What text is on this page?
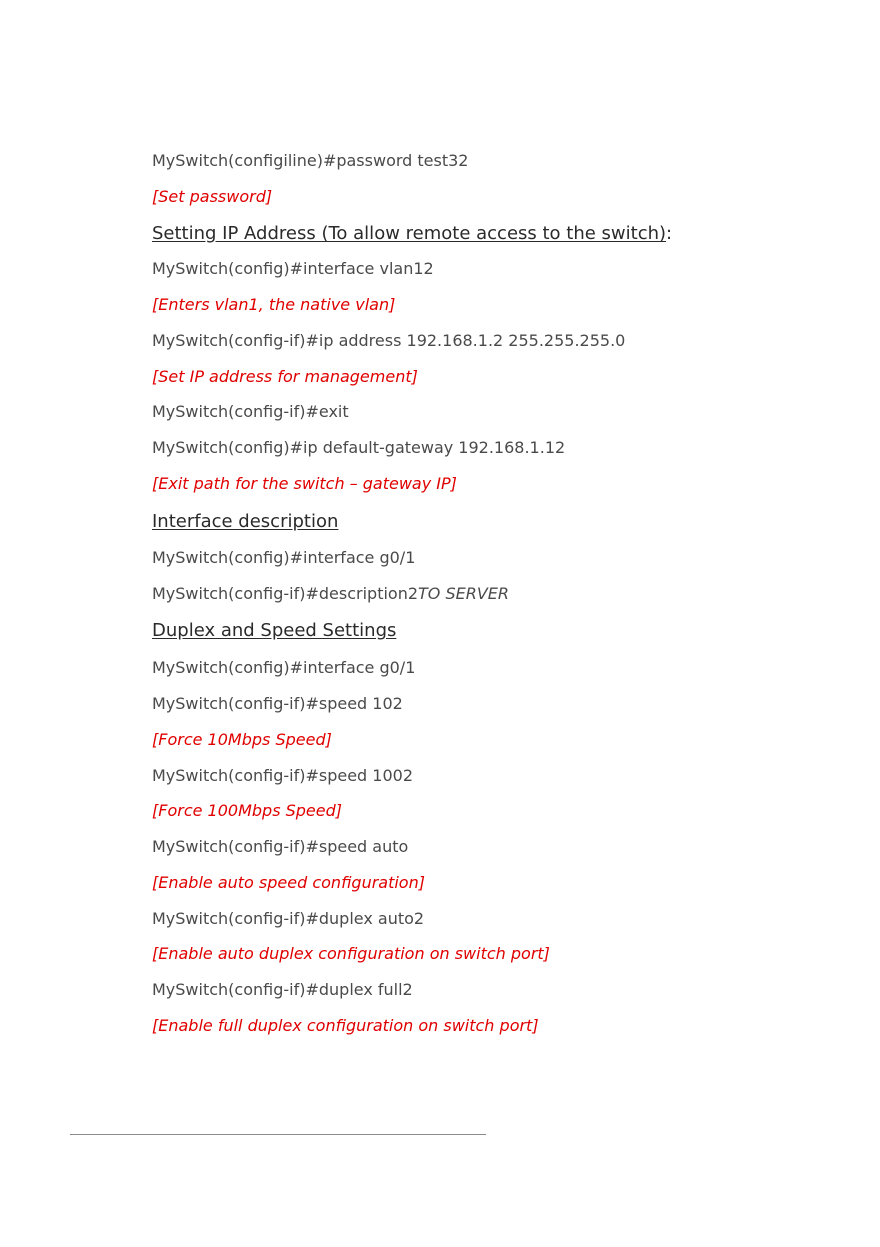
MySwitch(configiline)#password test32
[Set password]
Setting IP Address (To allow remote access to the switch):
MySwitch(config)#interface vlan12
[Enters vlan1, the native vlan]
MySwitch(config-if)#ip address 192.168.1.2 255.255.255.0
[Set IP address for management]
MySwitch(config-if)#exit
MySwitch(config)#ip default-gateway 192.168.1.12
[Exit path for the switch – gateway IP]
Interface description
MySwitch(config)#interface g0/1
MySwitch(config-if)#description2TO SERVER
Duplex and Speed Settings
MySwitch(config)#interface g0/1
MySwitch(config-if)#speed 102
[Force 10Mbps Speed]
MySwitch(config-if)#speed 1002
[Force 100Mbps Speed]
MySwitch(config-if)#speed auto
[Enable auto speed configuration]
MySwitch(config-if)#duplex auto2
[Enable auto duplex configuration on switch port]
MySwitch(config-if)#duplex full2
[Enable full duplex configuration on switch port]
